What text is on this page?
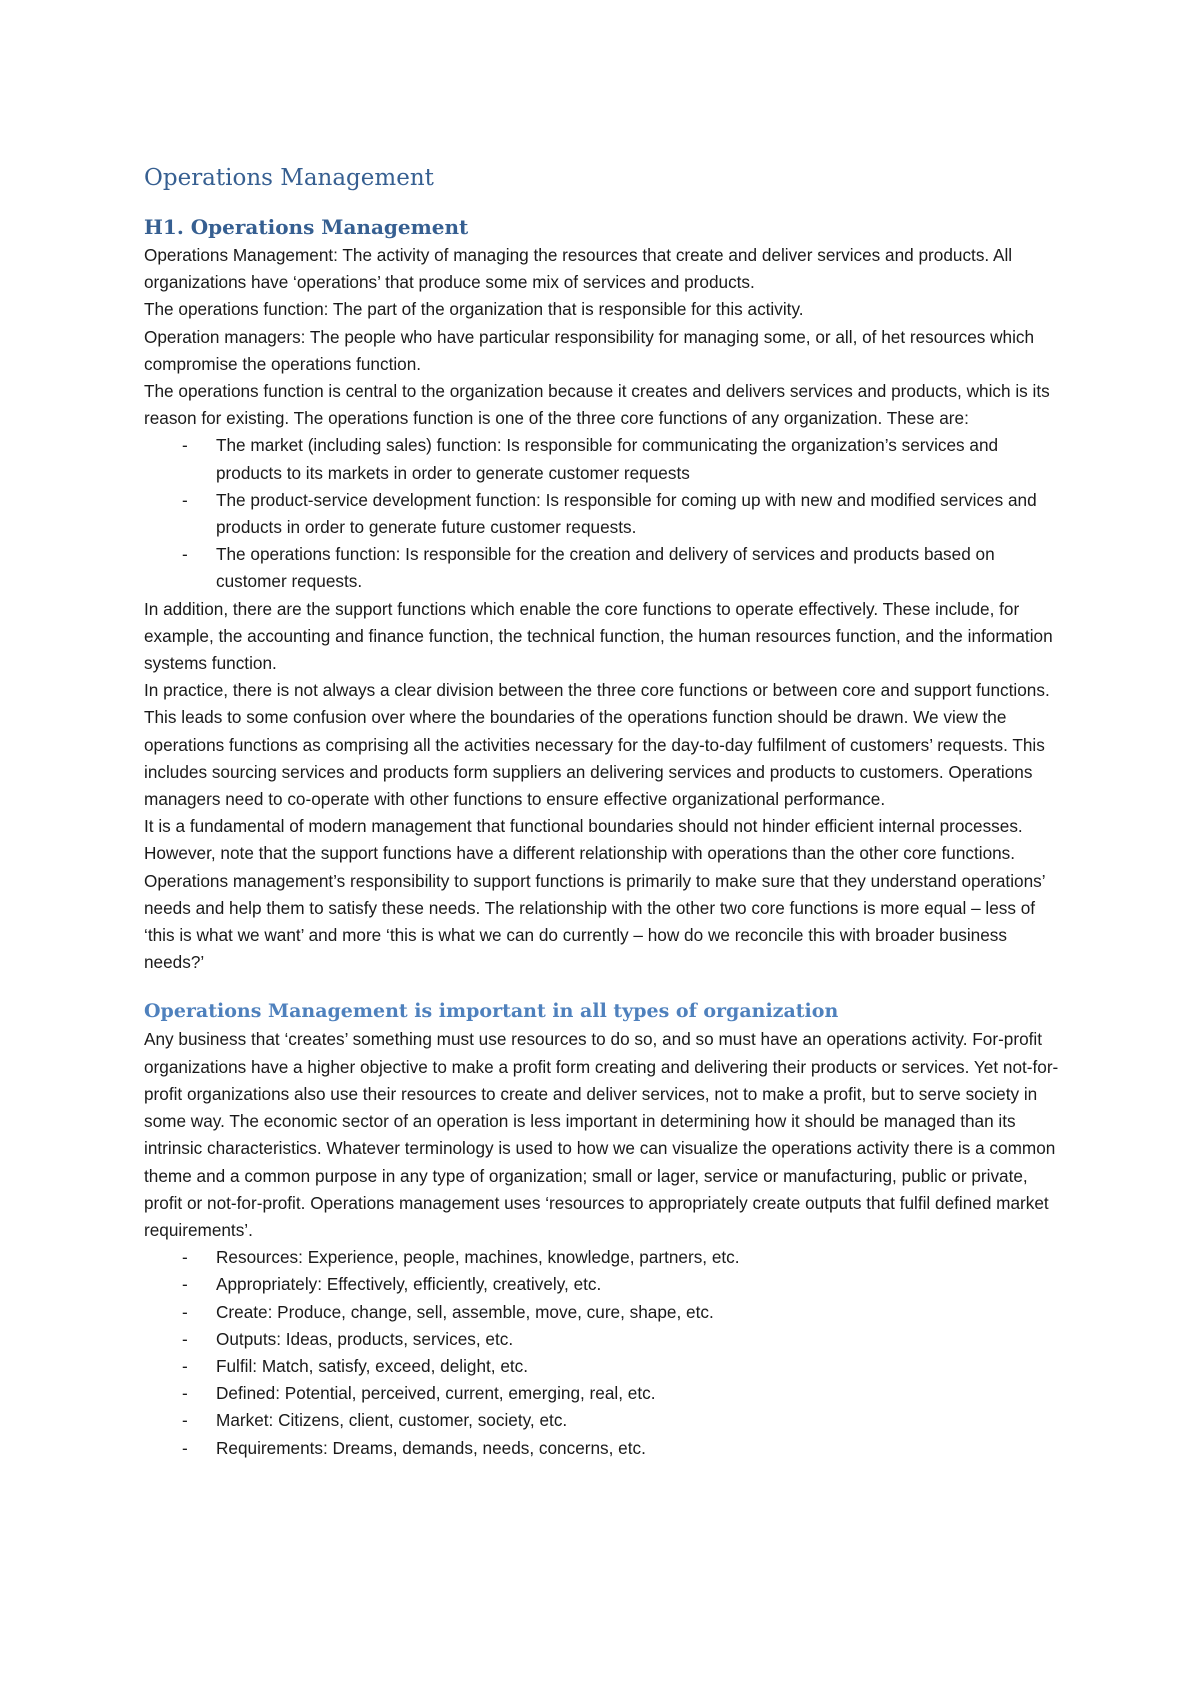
Operations Management
H1. Operations Management

Operations Management: The activity of managing the resources that create and deliver services and products. All organizations have ‘operations’ that produce some mix of services and products.

The operations function: The part of the organization that is responsible for this activity.

Operation managers: The people who have particular responsibility for managing some, or all, of het resources which compromise the operations function.

The operations function is central to the organization because it creates and delivers services and products, which is its reason for existing. The operations function is one of the three core functions of any organization. These are:

- The market (including sales) function: Is responsible for communicating the organization’s services and products to its markets in order to generate customer requests
- The product-service development function: Is responsible for coming up with new and modified services and products in order to generate future customer requests.
- The operations function: Is responsible for the creation and delivery of services and products based on customer requests.

In addition, there are the support functions which enable the core functions to operate effectively. These include, for example, the accounting and finance function, the technical function, the human resources function, and the information systems function.

In practice, there is not always a clear division between the three core functions or between core and support functions. This leads to some confusion over where the boundaries of the operations function should be drawn. We view the operations functions as comprising all the activities necessary for the day-to-day fulfilment of customers’ requests. This includes sourcing services and products form suppliers an delivering services and products to customers. Operations managers need to co-operate with other functions to ensure effective organizational performance.

It is a fundamental of modern management that functional boundaries should not hinder efficient internal processes. However, note that the support functions have a different relationship with operations than the other core functions. Operations management’s responsibility to support functions is primarily to make sure that they understand operations’ needs and help them to satisfy these needs. The relationship with the other two core functions is more equal – less of ‘this is what we want’ and more ‘this is what we can do currently – how do we reconcile this with broader business needs?’

Operations Management is important in all types of organization

Any business that ‘creates’ something must use resources to do so, and so must have an operations activity. For-profit organizations have a higher objective to make a profit form creating and delivering their products or services. Yet not-for-profit organizations also use their resources to create and deliver services, not to make a profit, but to serve society in some way. The economic sector of an operation is less important in determining how it should be managed than its intrinsic characteristics. Whatever terminology is used to how we can visualize the operations activity there is a common theme and a common purpose in any type of organization; small or lager, service or manufacturing, public or private, profit or not-for-profit. Operations management uses ‘resources to appropriately create outputs that fulfil defined market requirements’.

- Resources: Experience, people, machines, knowledge, partners, etc.
- Appropriately: Effectively, efficiently, creatively, etc.
- Create: Produce, change, sell, assemble, move, cure, shape, etc.
- Outputs: Ideas, products, services, etc.
- Fulfil: Match, satisfy, exceed, delight, etc.
- Defined: Potential, perceived, current, emerging, real, etc.
- Market: Citizens, client, customer, society, etc.
- Requirements: Dreams, demands, needs, concerns, etc.
